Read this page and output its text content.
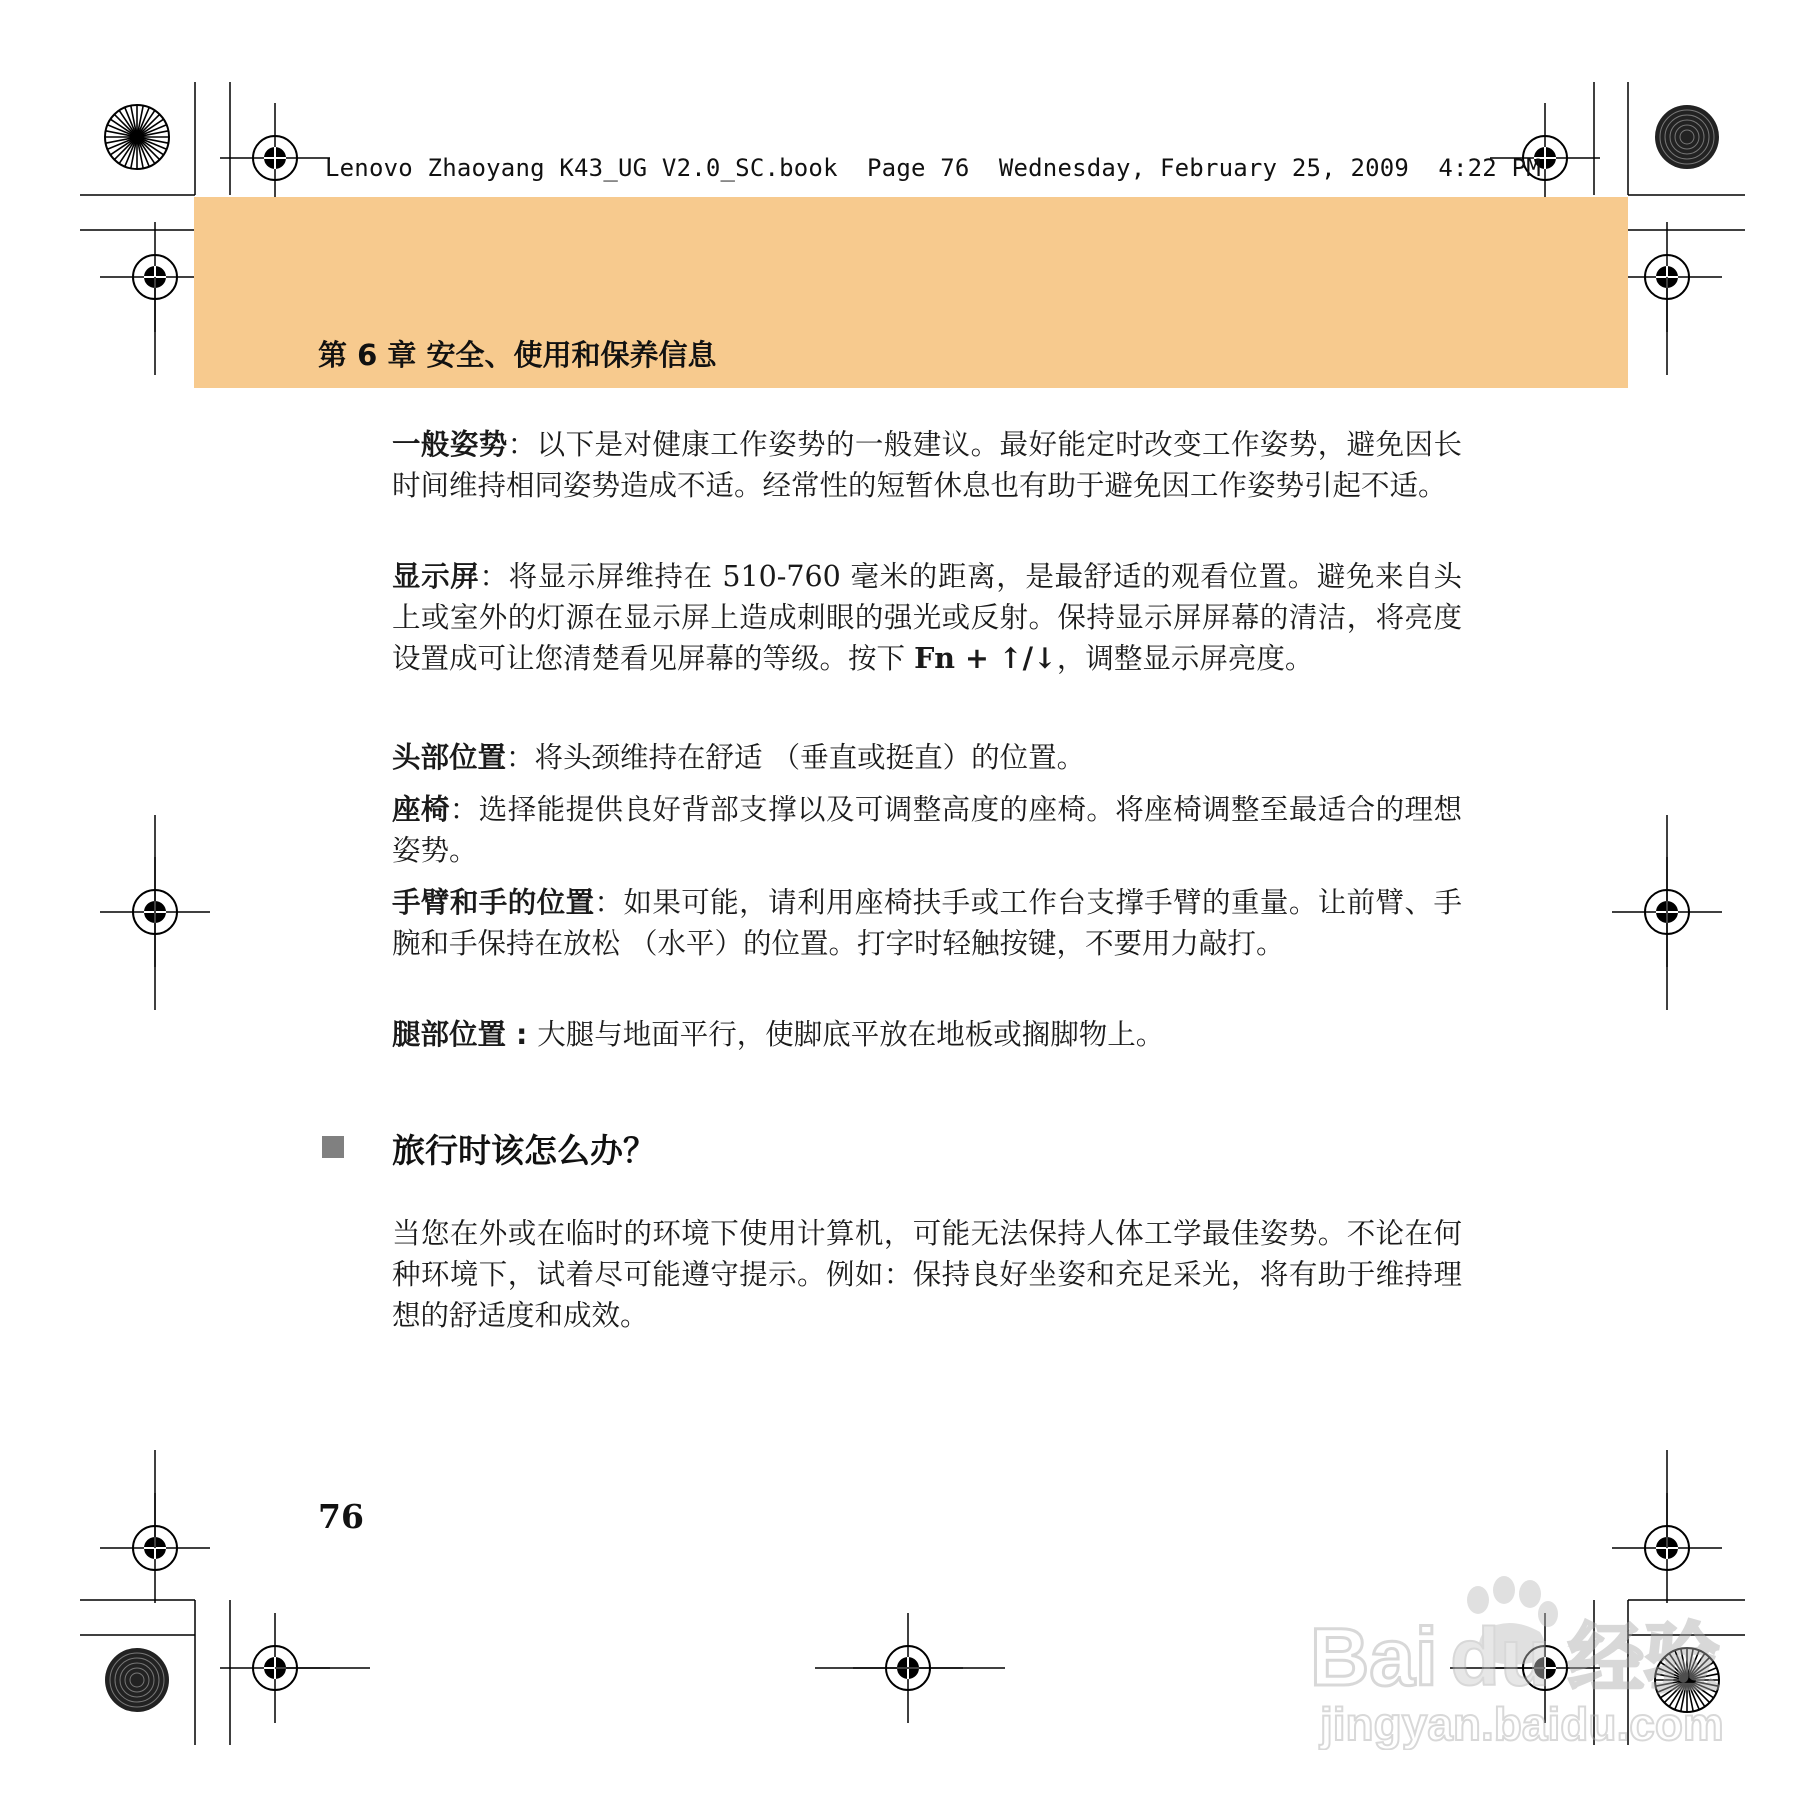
Lenovo Zhaoyang K43_UG V2.0_SC.book  Page 76  Wednesday, February 25, 2009  4:22 PM
第 6 章 安全、使用和保养信息
一般姿势：以下是对健康工作姿势的一般建议。最好能定时改变工作姿势，避免因长时间维持相同姿势造成不适。经常性的短暂休息也有助于避免因工作姿势引起不适。
显示屏：将显示屏维持在 510-760 毫米的距离，是最舒适的观看位置。避免来自头上或室外的灯源在显示屏上造成刺眼的强光或反射。保持显示屏屏幕的清洁，将亮度设置成可让您清楚看见屏幕的等级。按下 Fn + ↑/↓，调整显示屏亮度。
头部位置：将头颈维持在舒适 （垂直或挺直）的位置。
座椅：选择能提供良好背部支撑以及可调整高度的座椅。将座椅调整至最适合的理想姿势。
手臂和手的位置：如果可能，请利用座椅扶手或工作台支撑手臂的重量。让前臂、手腕和手保持在放松 （水平）的位置。打字时轻触按键，不要用力敲打。
腿部位置 : 大腿与地面平行，使脚底平放在地板或搁脚物上。
旅行时该怎么办？
当您在外或在临时的环境下使用计算机，可能无法保持人体工学最佳姿势。不论在何种环境下，试着尽可能遵守提示。例如：保持良好坐姿和充足采光，将有助于维持理想的舒适度和成效。
76
Bai du 经验
jingyan.baidu.com
